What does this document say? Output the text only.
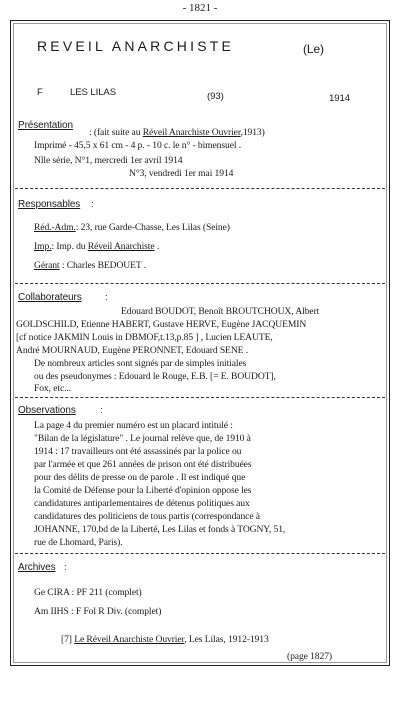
- 1821 -
REVEIL ANARCHISTE	(Le)
F	LES LILAS	(93)	1914
Présentation
: (fait suite au Réveil Anarchiste Ouvrier,1913)
Imprimé - 45,5 x 61 cm - 4 p. - 10 c. le n° - bimensuel .
Nlle série, N°1, mercredi 1er avril 1914
N°3, vendredi 1er mai 1914
Responsables :
Réd.-Adm.: 23, rue Garde-Chasse, Les Lilas (Seine)
Imp.: Imp. du Réveil Anarchiste .
Gérant : Charles BEDOUET .
Collaborateurs :
Edouard BOUDOT, Benoît BROUTCHOUX, Albert
GOLDSCHILD, Etienne HABERT, Gustave HERVE, Eugène JACQUEMIN
[cf notice JAKMIN Louis in DBMOF,t.13,p.85 ] , Lucien LEAUTE,
André MOURNAUD, Eugène PERONNET, Edouard SENE .
De nombreux articles sont signés par de simples initiales
ou des pseudonymes : Edouard le Rouge, E.B. [= E. BOUDOT],
Fox, etc...
Observations	:
La page 4 du premier numéro est un placard intitulé :
"Bilan de la législature" . Le journal relève que, de 1910 à
1914 : 17 travailleurs ont été assassinés par la police ou
par l'armée et que 261 années de prison ont été distribuées
pour des délits de presse ou de parole . Il est indiqué que
la Comité de Défense pour la Liberté d'opinion oppose les
candidatures antiparlementaires de détenus politiques aux
candidatures des politiciens de tous partis (correspondance à
JOHANNE, 170,bd de la Liberté, Les Lilas et fonds à TOGNY, 51,
rue de Lhomard, Paris).
Archives :
Ge CIRA : PF 211 (complet)
Am IIHS : F Fol R Div. (complet)
[7] Le Réveil Anarchiste Ouvrier, Les Lilas, 1912-1913
(page 1827)
